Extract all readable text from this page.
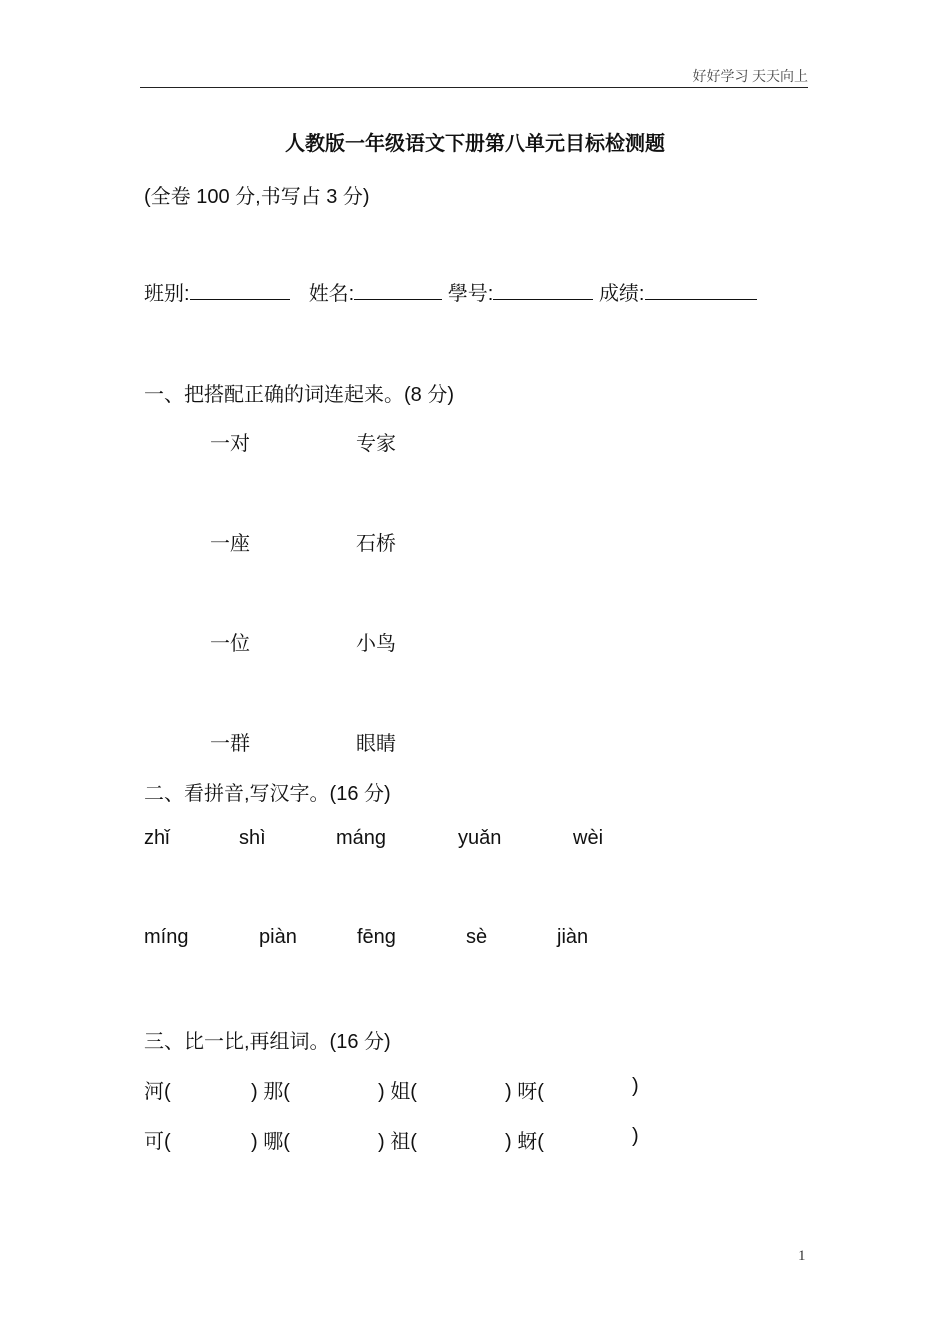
好好学习 天天向上
人教版一年级语文下册第八单元目标检测题
(全卷 100 分,书写占 3 分)
班别:	姓名:	學号:	成绩:
一、把搭配正确的词连起来。(8 分)
一对	专家
一座	石桥
一位	小鸟
一群	眼睛
二、看拼音,写汉字。(16 分)
zhǐ	shì	mánɡ	yuǎn	wèi
mínɡ	piàn	fēnɡ	sè	jiàn
三、比一比,再组词。(16 分)
河(	) 那(	) 姐(	) 呀(	)
可(	) 哪(	) 祖(	) 蚜(	)
1
